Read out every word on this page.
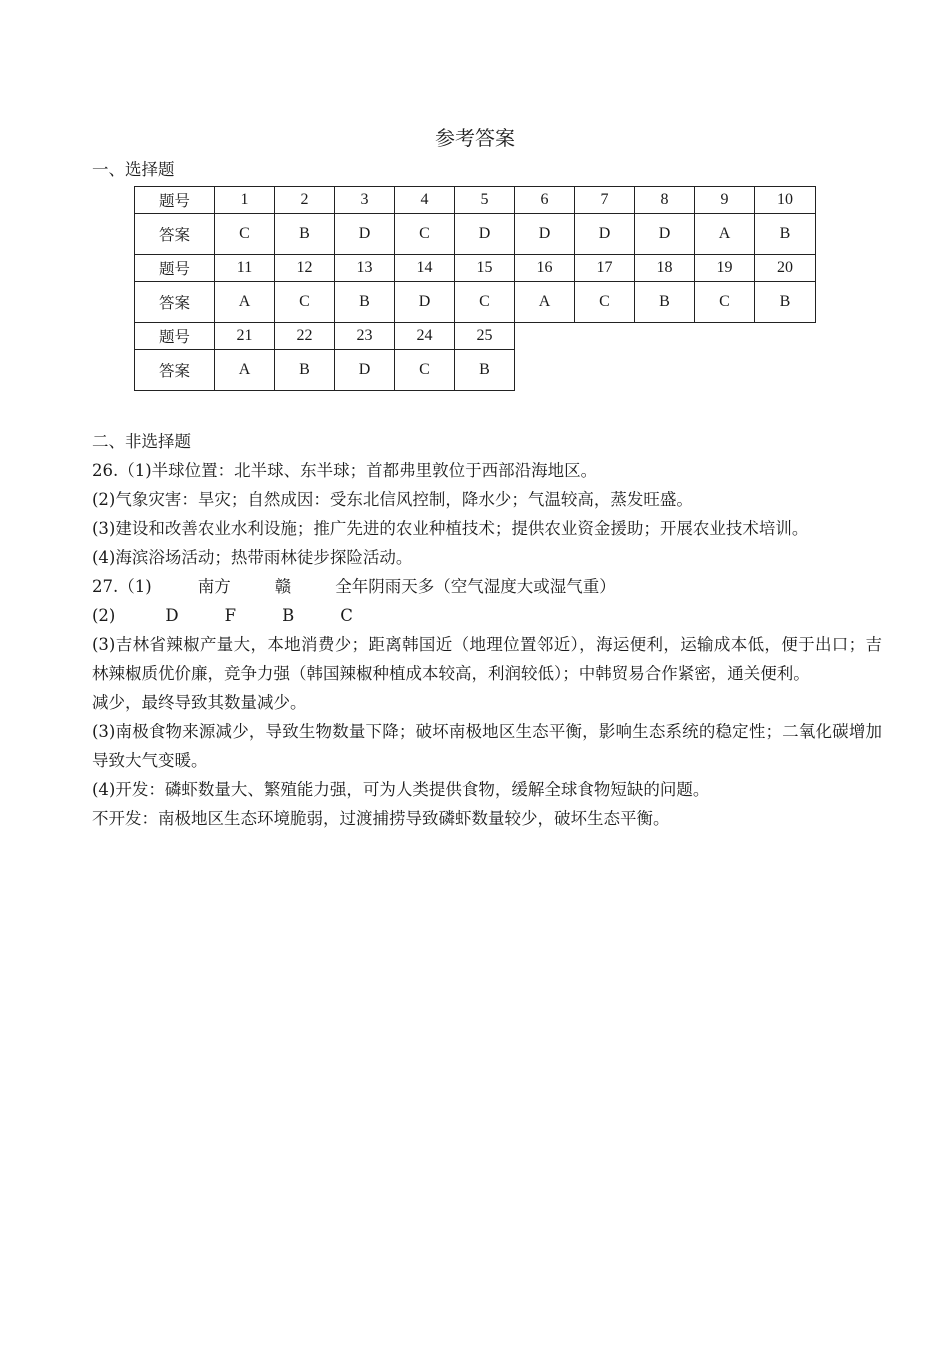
参考答案
一、选择题
题号	1	2	3	4	5	6	7	8	9	10
答案	C	B	D	C	D	D	D	D	A	B
题号	11	12	13	14	15	16	17	18	19	20
答案	A	C	B	D	C	A	C	B	C	B
题号	21	22	23	24	25					
答案	A	B	D	C	B					
二、非选择题

26.（1)半球位置：北半球、东半球；首都弗里敦位于西部沿海地区。

(2)气象灾害：旱灾；自然成因：受东北信风控制，降水少；气温较高，蒸发旺盛。

(3)建设和改善农业水利设施；推广先进的农业种植技术；提供农业资金援助；开展农业技术培训。

(4)海滨浴场活动；热带雨林徒步探险活动。

27.（1)	南方	赣	全年阴雨天多（空气湿度大或湿气重）

(2)	D	F	B	C

(3)吉林省辣椒产量大，本地消费少；距离韩国近（地理位置邻近），海运便利，运输成本低，便于出口；吉林辣椒质优价廉，竞争力强（韩国辣椒种植成本较高，利润较低）；中韩贸易合作紧密，通关便利。

减少，最终导致其数量减少。

(3)南极食物来源减少，导致生物数量下降；破坏南极地区生态平衡，影响生态系统的稳定性；二氧化碳增加导致大气变暖。

(4)开发：磷虾数量大、繁殖能力强，可为人类提供食物，缓解全球食物短缺的问题。

不开发：南极地区生态环境脆弱，过渡捕捞导致磷虾数量较少，破坏生态平衡。
